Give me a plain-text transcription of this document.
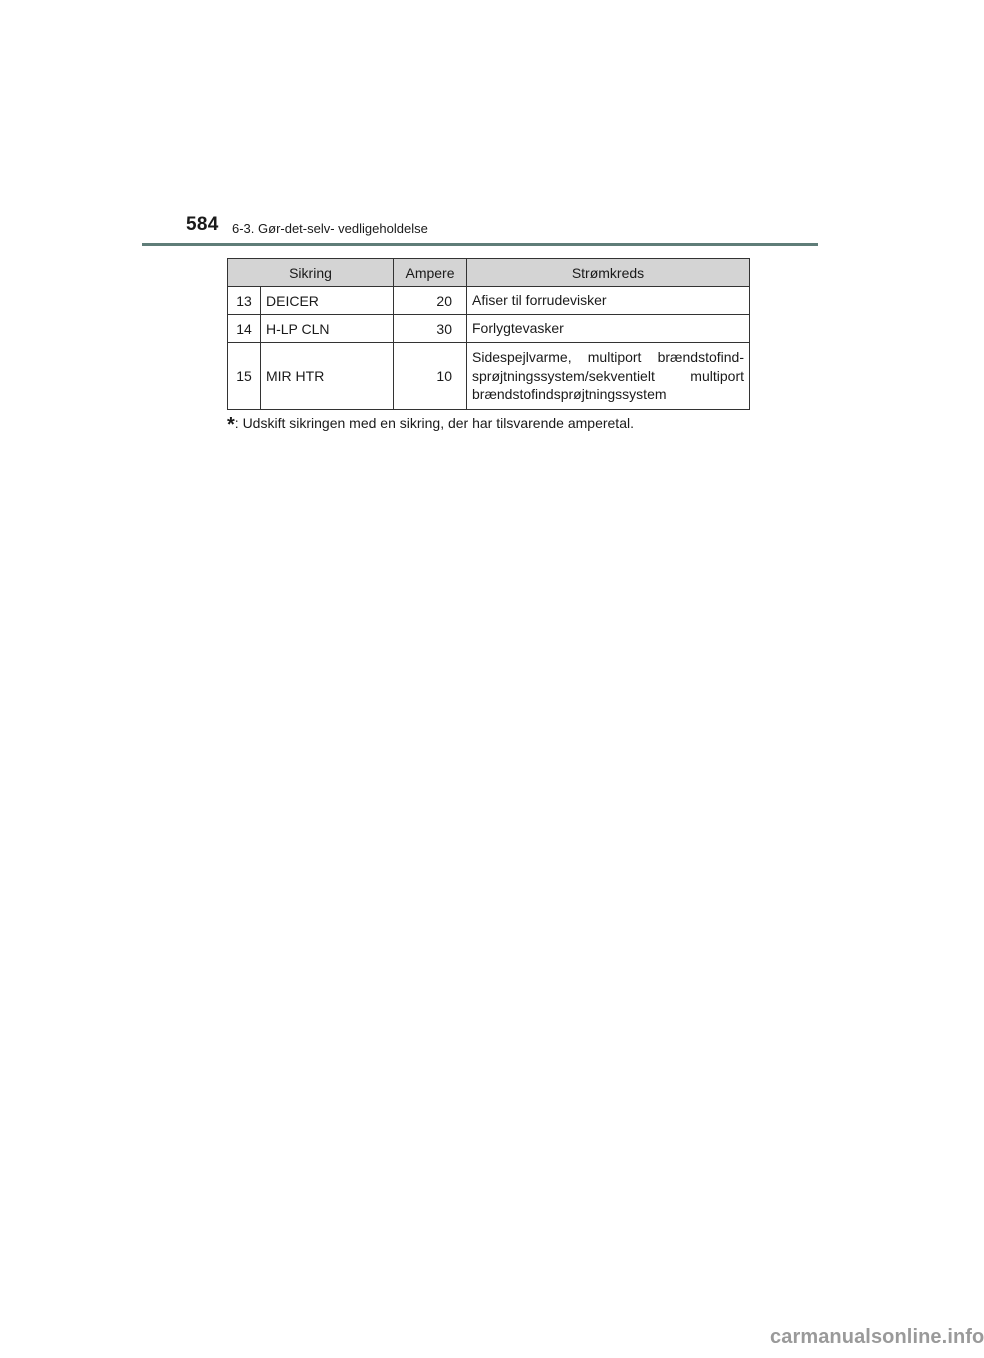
584 6-3. Gør-det-selv- vedligeholdelse
Sikring		Ampere	Strømkreds
13	DEICER	20	Afiser til forrudevisker
14	H-LP CLN	30	Forlygtevasker
15	MIR HTR	10	Sidespejlvarme, multiport brændstofind-sprøjtningssystem/sekventielt multiport brændstofindsprøjtningssystem
*: Udskift sikringen med en sikring, der har tilsvarende amperetal.
carmanualsonline.info
